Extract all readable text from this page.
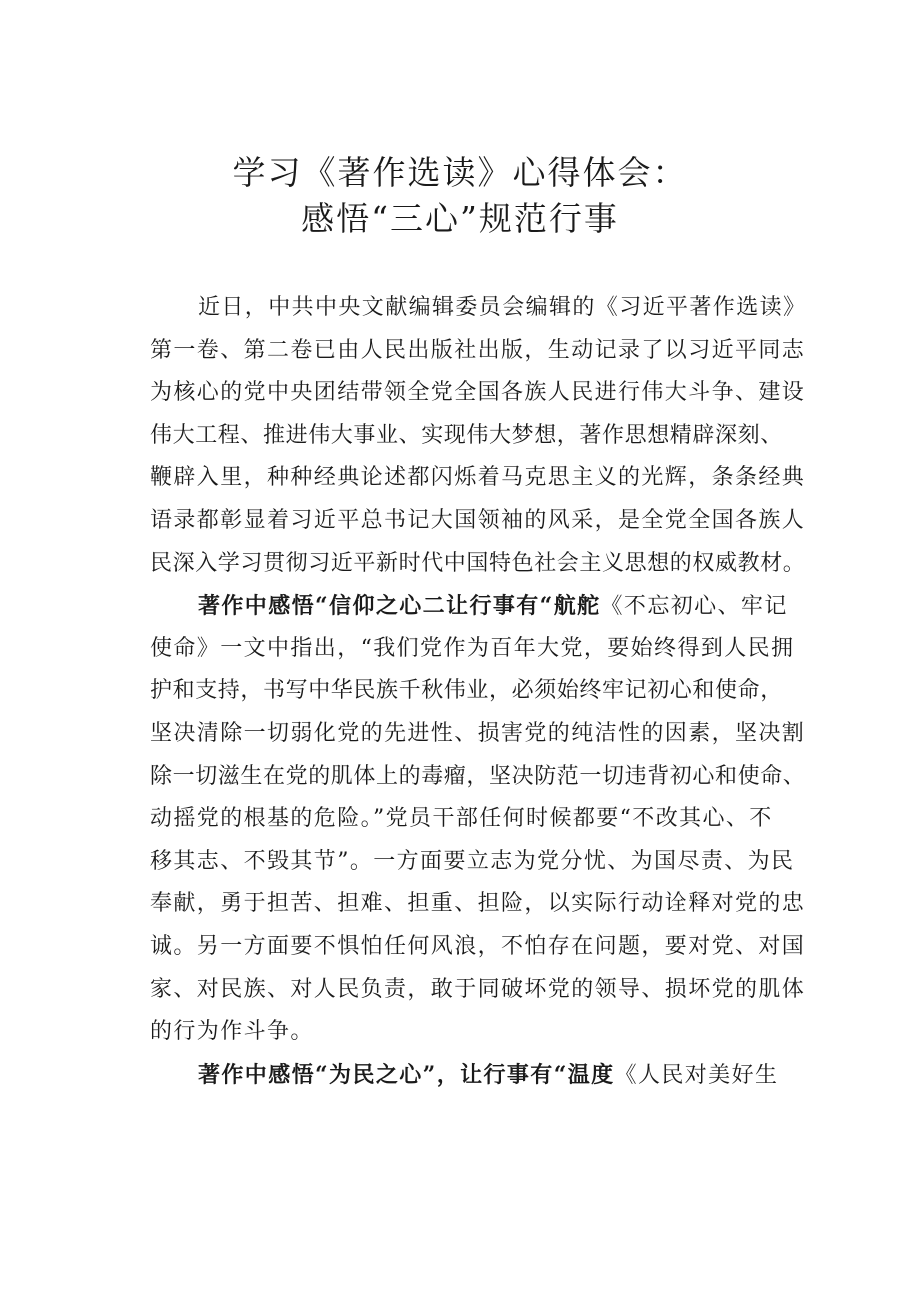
学习《著作选读》心得体会：
感悟“三心”规范行事
近日，中共中央文献编辑委员会编辑的《习近平著作选读》
第一卷、第二卷已由人民出版社出版，生动记录了以习近平同志
为核心的党中央团结带领全党全国各族人民进行伟大斗争、建设
伟大工程、推进伟大事业、实现伟大梦想，著作思想精辟深刻、
鞭辟入里，种种经典论述都闪烁着马克思主义的光辉，条条经典
语录都彰显着习近平总书记大国领袖的风采，是全党全国各族人
民深入学习贯彻习近平新时代中国特色社会主义思想的权威教材。
著作中感悟“信仰之心二让行事有“航舵《不忘初心、牢记
使命》一文中指出，“我们党作为百年大党，要始终得到人民拥
护和支持，书写中华民族千秋伟业，必须始终牢记初心和使命，
坚决清除一切弱化党的先进性、损害党的纯洁性的因素，坚决割
除一切滋生在党的肌体上的毒瘤，坚决防范一切违背初心和使命、
动摇党的根基的危险。”党员干部任何时候都要“不改其心、不
移其志、不毁其节”。一方面要立志为党分忧、为国尽责、为民
奉献，勇于担苦、担难、担重、担险，以实际行动诠释对党的忠
诚。另一方面要不惧怕任何风浪，不怕存在问题，要对党、对国
家、对民族、对人民负责，敢于同破坏党的领导、损坏党的肌体
的行为作斗争。
著作中感悟“为民之心”，让行事有“温度《人民对美好生
